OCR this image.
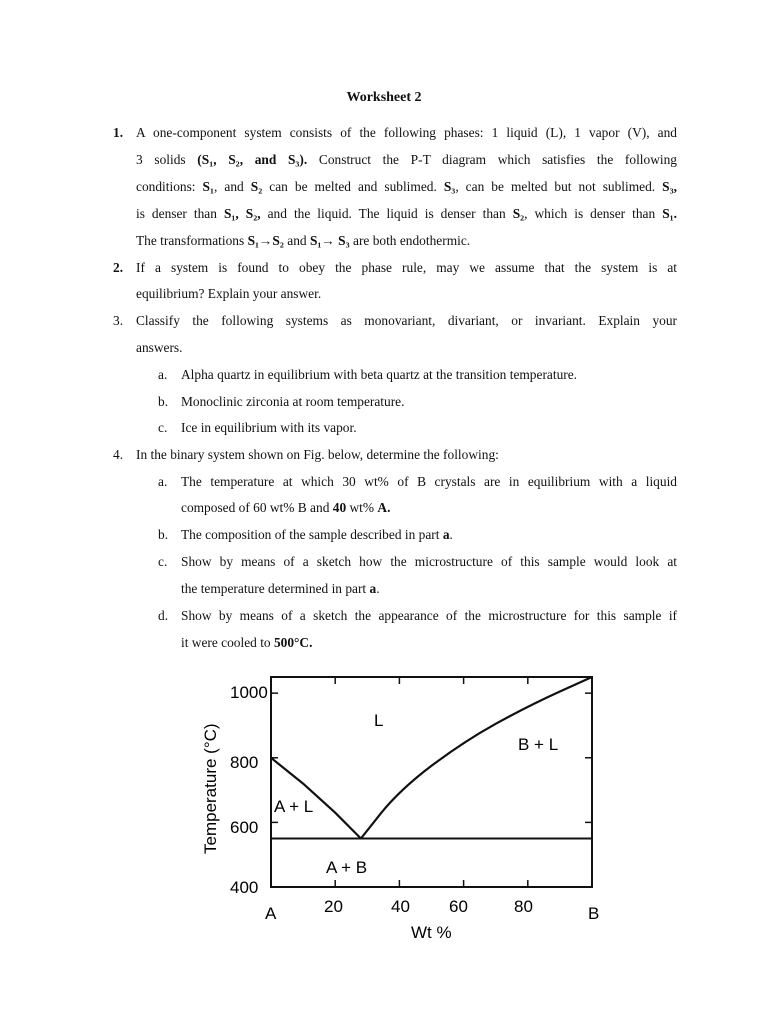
Worksheet 2
1. A one-component system consists of the following phases: 1 liquid (L), 1 vapor (V), and
3 solids (S₁, S₂, and S₃). Construct the P-T diagram which satisfies the following
conditions: S₁, and S₂ can be melted and sublimed. S₃, can be melted but not sublimed. S₃,
is denser than S₁, S₂, and the liquid. The liquid is denser than S₂, which is denser than S₁.
The transformations S₁→S₂ and S₁→ S₃ are both endothermic.
2. If a system is found to obey the phase rule, may we assume that the system is at
equilibrium? Explain your answer.
3. Classify the following systems as monovariant, divariant, or invariant. Explain your
answers.
a. Alpha quartz in equilibrium with beta quartz at the transition temperature.
b. Monoclinic zirconia at room temperature.
c. Ice in equilibrium with its vapor.
4. In the binary system shown on Fig. below, determine the following:
a. The temperature at which 30 wt% of B crystals are in equilibrium with a liquid
composed of 60 wt% B and 40 wt% A.
b. The composition of the sample described in part a.
c. Show by means of a sketch how the microstructure of this sample would look at
the temperature determined in part a.
d. Show by means of a sketch the appearance of the microstructure for this sample if
it were cooled to 500°C.
1000
800
600
400
A	20	40 60	80	B
Wt %
Temperature (°C)
L
A + L
B + L
A + B
